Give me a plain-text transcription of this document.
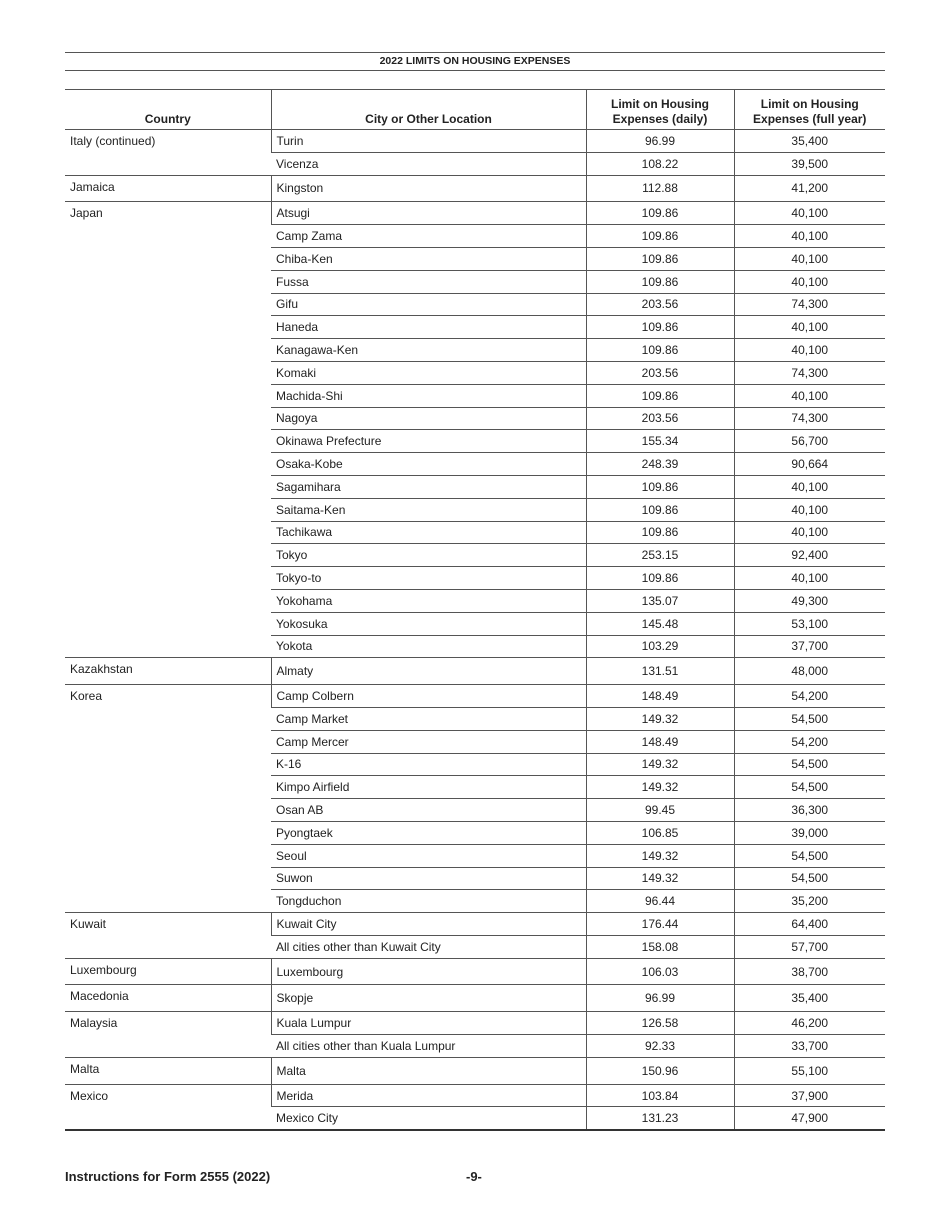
2022 LIMITS ON HOUSING EXPENSES
Country	City or Other Location	Limit on Housing Expenses (daily)	Limit on Housing Expenses (full year)
Italy (continued)	Turin	96.99	35,400
	Vicenza	108.22	39,500
Jamaica	Kingston	112.88	41,200
Japan	Atsugi	109.86	40,100
	Camp Zama	109.86	40,100
	Chiba-Ken	109.86	40,100
	Fussa	109.86	40,100
	Gifu	203.56	74,300
	Haneda	109.86	40,100
	Kanagawa-Ken	109.86	40,100
	Komaki	203.56	74,300
	Machida-Shi	109.86	40,100
	Nagoya	203.56	74,300
	Okinawa Prefecture	155.34	56,700
	Osaka-Kobe	248.39	90,664
	Sagamihara	109.86	40,100
	Saitama-Ken	109.86	40,100
	Tachikawa	109.86	40,100
	Tokyo	253.15	92,400
	Tokyo-to	109.86	40,100
	Yokohama	135.07	49,300
	Yokosuka	145.48	53,100
	Yokota	103.29	37,700
Kazakhstan	Almaty	131.51	48,000
Korea	Camp Colbern	148.49	54,200
	Camp Market	149.32	54,500
	Camp Mercer	148.49	54,200
	K-16	149.32	54,500
	Kimpo Airfield	149.32	54,500
	Osan AB	99.45	36,300
	Pyongtaek	106.85	39,000
	Seoul	149.32	54,500
	Suwon	149.32	54,500
	Tongduchon	96.44	35,200
Kuwait	Kuwait City	176.44	64,400
	All cities other than Kuwait City	158.08	57,700
Luxembourg	Luxembourg	106.03	38,700
Macedonia	Skopje	96.99	35,400
Malaysia	Kuala Lumpur	126.58	46,200
	All cities other than Kuala Lumpur	92.33	33,700
Malta	Malta	150.96	55,100
Mexico	Merida	103.84	37,900
	Mexico City	131.23	47,900
Instructions for Form 2555 (2022)	-9-
